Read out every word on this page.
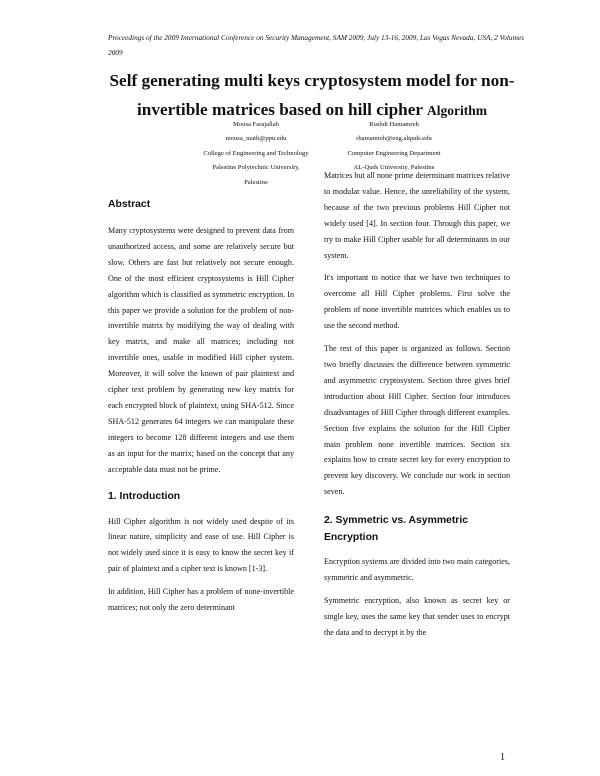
Proceedings of the 2009 International Conference on Security Management, SAM 2009, July 13-16, 2009, Las Vegas Nevada, USA, 2 Volumes 2009
Self generating multi keys cryptosystem model for non-invertible matrices based on hill cipher Algorithm
Mousa Farajallah
mousa_math@ppu.edu
College of Engineering and Technology
Palestine Polytechnic University,
Palestine
Rushdi Hamamreh
rhamamreh@eng.alquds.edu
Computer Engineering Department
AL-Quds University, Palestine
Abstract

Many cryptosystems were designed to prevent data from unauthorized access, and some are relatively secure but slow. Others are fast but relatively not secure enough. One of the most efficient cryptosystems is Hill Cipher algorithm which is classified as symmetric encryption. In this paper we provide a solution for the problem of non-invertible matrix by modifying the way of dealing with key matrix, and make all matrices; including not invertible ones, usable in modified Hill cipher system. Moreover, it will solve the known of pair plaintext and cipher text problem by generating new key matrix for each encrypted block of plaintext, using SHA-512. Since SHA-512 generates 64 integers we can manipulate these integers to become 128 different integers and use them as an input for the matrix; based on the concept that any acceptable data must not be prime.

1. Introduction

Hill Cipher algorithm is not widely used despite of its linear nature, simplicity and ease of use. Hill Cipher is not widely used since it is easy to know the secret key if pair of plaintext and a cipher text is known [1-3].

In addition, Hill Cipher has a problem of none-invertible matrices; not only the zero determinant

Matrices but all none prime determinant matrices relative to modular value. Hence, the unreliability of the system, because of the two previous problems Hill Cipher not widely used [4]. In section four. Through this paper, we try to make Hill Cipher usable for all determinants in our system.

It's important to notice that we have two techniques to overcome all Hill Cipher problems. First solve the problem of none invertible matrices which enables us to use the second method.

The rest of this paper is organized as follows. Section two briefly discusses the difference between symmetric and asymmetric cryptosystem. Section three gives brief introduction about Hill Cipher. Section four introduces disadvantages of Hill Cipher through different examples. Section five explains the solution for the Hill Cipher main problem none invertible matrices. Section six explains how to create secret key for every encryption to prevent key discovery. We conclude our work in section seven.

2. Symmetric vs. Asymmetric
Encryption

Encryption systems are divided into two main categories, symmetric and asymmetric.

Symmetric encryption, also known as secret key or single key, uses the same key that sender uses to encrypt the data and to decrypt it by the

1
